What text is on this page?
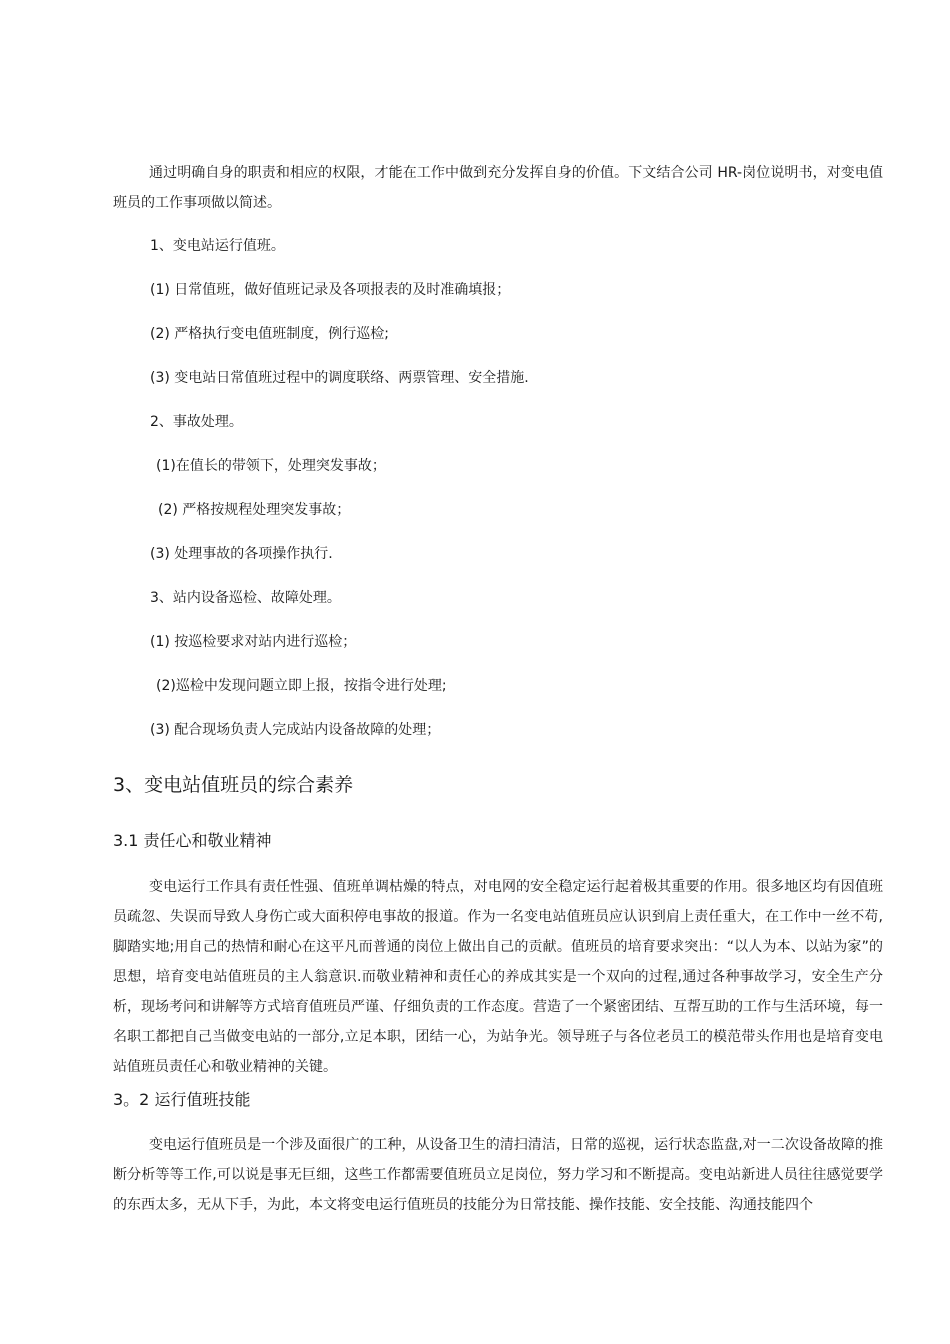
通过明确自身的职责和相应的权限，才能在工作中做到充分发挥自身的价值。下文结合公司 HR-岗位说明书，对变电值班员的工作事项做以简述。

1、变电站运行值班。

(1) 日常值班，做好值班记录及各项报表的及时准确填报；

(2) 严格执行变电值班制度，例行巡检;

(3) 变电站日常值班过程中的调度联络、两票管理、安全措施.

2、事故处理。

(1)在值长的带领下，处理突发事故；

(2) 严格按规程处理突发事故；

(3) 处理事故的各项操作执行.

3、站内设备巡检、故障处理。

(1) 按巡检要求对站内进行巡检；

(2)巡检中发现问题立即上报，按指令进行处理;

(3) 配合现场负责人完成站内设备故障的处理；

3、变电站值班员的综合素养
3.1 责任心和敬业精神

变电运行工作具有责任性强、值班单调枯燥的特点，对电网的安全稳定运行起着极其重要的作用。很多地区均有因值班员疏忽、失误而导致人身伤亡或大面积停电事故的报道。作为一名变电站值班员应认识到肩上责任重大，在工作中一丝不苟,脚踏实地;用自己的热情和耐心在这平凡而普通的岗位上做出自己的贡献。值班员的培育要求突出：“以人为本、以站为家”的思想，培育变电站值班员的主人翁意识.而敬业精神和责任心的养成其实是一个双向的过程,通过各种事故学习，安全生产分析，现场考问和讲解等方式培育值班员严谨、仔细负责的工作态度。营造了一个紧密团结、互帮互助的工作与生活环境，每一名职工都把自己当做变电站的一部分,立足本职，团结一心，为站争光。领导班子与各位老员工的模范带头作用也是培育变电站值班员责任心和敬业精神的关键。

3。2 运行值班技能

变电运行值班员是一个涉及面很广的工种，从设备卫生的清扫清洁，日常的巡视，运行状态监盘,对一二次设备故障的推断分析等等工作,可以说是事无巨细，这些工作都需要值班员立足岗位，努力学习和不断提高。变电站新进人员往往感觉要学的东西太多，无从下手，为此，本文将变电运行值班员的技能分为日常技能、操作技能、安全技能、沟通技能四个
